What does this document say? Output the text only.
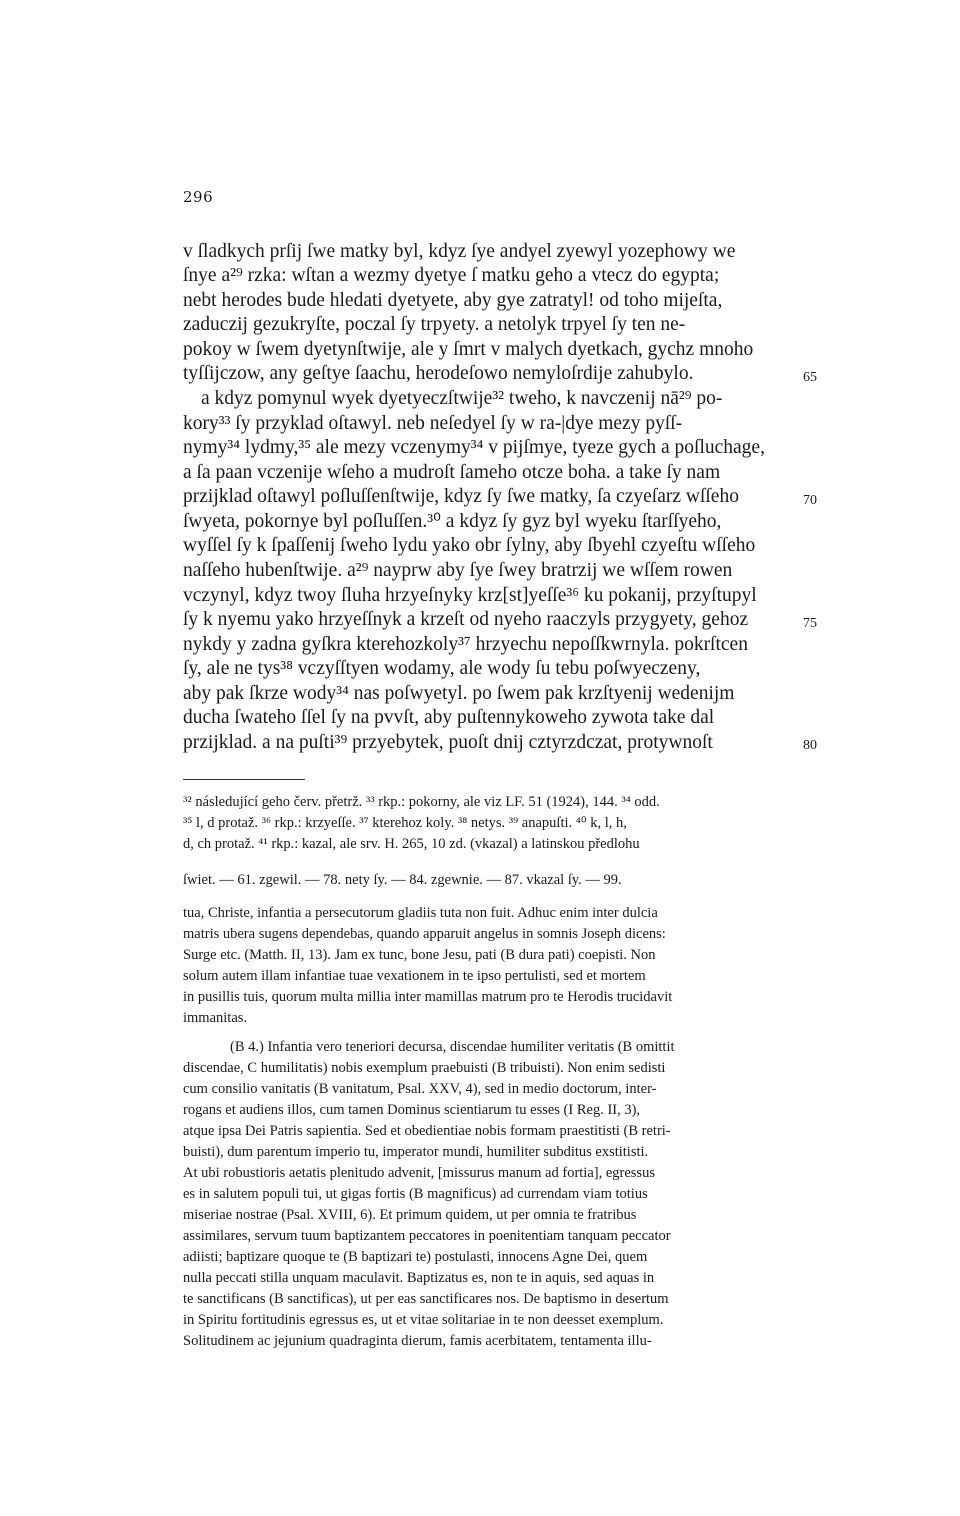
296
v ſladkych prſij ſwe matky byl, kdyz ſye andyel zyewyl yozephowy we
ſnye a²⁹ rzka: wſtan a wezmy dyetye ſ matku geho a vtecz do egypta;
nebt herodes bude hledati dyetyete, aby gye zatratyl! od toho mijeſta,
zaduczij gezukryſte, poczal ſy trpyety. a netolyk trpyel ſy ten ne-
pokoy w ſwem dyetynſtwije, ale y ſmrt v malych dyetkach, gychz mnoho
tyſſijczow, any geſtye ſaachu, herodeſowo nemyloſrdije zahubylo.
a kdyz pomynul wyek dyetyeczſtwije³² tweho, k navczenij nā²⁹ po-
kory³³ ſy przyklad oſtawyl. neb neſedyel ſy w ra-|dye mezy pyſſ-
nymy³⁴ lydmy,³⁵ ale mezy vczenymy³⁴ v pijſmye, tyeze gych a poſluchage,
a ſa paan vczenije wſeho a mudroſt ſameho otcze boha. a take ſy nam
przijklad oſtawyl poſluſſenſtwije, kdyz ſy ſwe matky, ſa czyeſarz wſſeho
ſwyeta, pokornye byl poſluſſen.³⁰ a kdyz ſy gyz byl wyeku ſtarſſyeho,
wyſſel ſy k ſpaſſenij ſweho lydu yako obr ſylny, aby ſbyehl czyeſtu wſſeho
naſſeho hubenſtwije. a²⁹ nayprw aby ſye ſwey bratrzij we wſſem rowen
vczynyl, kdyz twoy ſluha hrzyeſnyky krz[st]yeſſe³⁶ ku pokanij, przyſtupyl
ſy k nyemu yako hrzyeſſnyk a krzeſt od nyeho raaczyls przygyety, gehoz
nykdy y zadna gyſkra kterehozkoly³⁷ hrzyechu nepoſſkwrnyla. pokrſtcen
ſy, ale ne tys³⁸ vczyſſtyen wodamy, ale wody ſu tebu poſwyeczeny,
aby pak ſkrze wody³⁴ nas poſwyetyl. po ſwem pak krzſtyenij wedenijm
ducha ſwateho ſſel ſy na pvvſt, aby puſtennykoweho zywota take dal
przijklad. a na puſti³⁹ przyebytek, puoſt dnij cztyrzdczat, protywnoſt
65
70
75
80
³² následující geho červ. přetrž. ³³ rkp.: pokorny, ale viz LF. 51 (1924), 144. ³⁴ odd.
³⁵ l, d protaž. ³⁶ rkp.: krzyeſſe. ³⁷ kterehoz koly. ³⁸ netys. ³⁹ anapuſti. ⁴⁰ k, l, h,
d, ch protaž. ⁴¹ rkp.: kazal, ale srv. H. 265, 10 zd. (vkazal) a latinskou předlohu
ſwiet. — 61. zgewil. — 78. nety ſy. — 84. zgewnie. — 87. vkazal ſy. — 99.
tua, Christe, infantia a persecutorum gladiis tuta non fuit. Adhuc enim inter dulcia
matris ubera sugens dependebas, quando apparuit angelus in somnis Joseph dicens:
Surge etc. (Matth. II, 13). Jam ex tunc, bone Jesu, pati (B dura pati) coepisti. Non
solum autem illam infantiae tuae vexationem in te ipso pertulisti, sed et mortem
in pusillis tuis, quorum multa millia inter mamillas matrum pro te Herodis trucidavit
immanitas.
(B 4.) Infantia vero teneriori decursa, discendae humiliter veritatis (B omittit
discendae, C humilitatis) nobis exemplum praebuisti (B tribuisti). Non enim sedisti
cum consilio vanitatis (B vanitatum, Psal. XXV, 4), sed in medio doctorum, inter-
rogans et audiens illos, cum tamen Dominus scientiarum tu esses (I Reg. II, 3),
atque ipsa Dei Patris sapientia. Sed et obedientiae nobis formam praestitisti (B retri-
buisti), dum parentum imperio tu, imperator mundi, humiliter subditus exstitisti.
At ubi robustioris aetatis plenitudo advenit, [missurus manum ad fortia], egressus
es in salutem populi tui, ut gigas fortis (B magnificus) ad currendam viam totius
miseriae nostrae (Psal. XVIII, 6). Et primum quidem, ut per omnia te fratribus
assimilares, servum tuum baptizantem peccatores in poenitentiam tanquam peccator
adiisti; baptizare quoque te (B baptizari te) postulasti, innocens Agne Dei, quem
nulla peccati stilla unquam maculavit. Baptizatus es, non te in aquis, sed aquas in
te sanctificans (B sanctificas), ut per eas sanctificares nos. De baptismo in desertum
in Spiritu fortitudinis egressus es, ut et vitae solitariae in te non deesset exemplum.
Solitudinem ac jejunium quadraginta dierum, famis acerbitatem, tentamenta illu-
